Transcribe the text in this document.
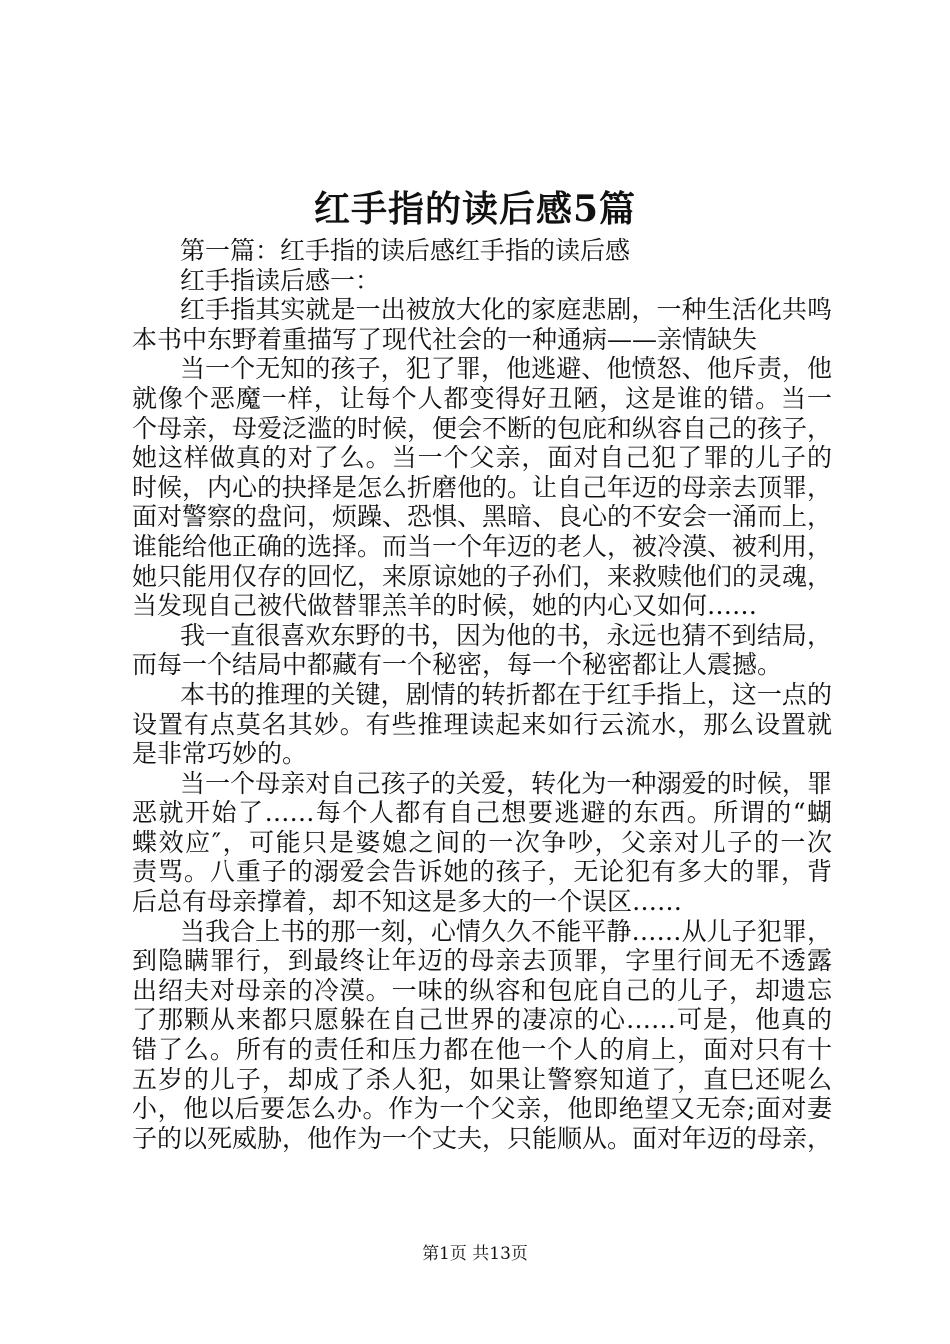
红手指的读后感5篇
第一篇：红手指的读后感红手指的读后感
红手指读后感一：
红手指其实就是一出被放大化的家庭悲剧，一种生活化共鸣
本书中东野着重描写了现代社会的一种通病——亲情缺失
当一个无知的孩子，犯了罪，他逃避、他愤怒、他斥责，他
就像个恶魔一样，让每个人都变得好丑陋，这是谁的错。当一
个母亲，母爱泛滥的时候，便会不断的包庇和纵容自己的孩子，
她这样做真的对了么。当一个父亲，面对自己犯了罪的儿子的
时候，内心的抉择是怎么折磨他的。让自己年迈的母亲去顶罪，
面对警察的盘问，烦躁、恐惧、黑暗、良心的不安会一涌而上，
谁能给他正确的选择。而当一个年迈的老人，被冷漠、被利用，
她只能用仅存的回忆，来原谅她的子孙们，来救赎他们的灵魂，
当发现自己被代做替罪羔羊的时候，她的内心又如何……
我一直很喜欢东野的书，因为他的书，永远也猜不到结局，
而每一个结局中都藏有一个秘密，每一个秘密都让人震撼。
本书的推理的关键，剧情的转折都在于红手指上，这一点的
设置有点莫名其妙。有些推理读起来如行云流水，那么设置就
是非常巧妙的。
当一个母亲对自己孩子的关爱，转化为一种溺爱的时候，罪
恶就开始了……每个人都有自己想要逃避的东西。所谓的“蝴
蝶效应″，可能只是婆媳之间的一次争吵，父亲对儿子的一次
责骂。八重子的溺爱会告诉她的孩子，无论犯有多大的罪，背
后总有母亲撑着，却不知这是多大的一个误区……
当我合上书的那一刻，心情久久不能平静……从儿子犯罪，
到隐瞒罪行，到最终让年迈的母亲去顶罪，字里行间无不透露
出绍夫对母亲的冷漠。一味的纵容和包庇自己的儿子，却遗忘
了那颗从来都只愿躲在自己世界的凄凉的心……可是，他真的
错了么。所有的责任和压力都在他一个人的肩上，面对只有十
五岁的儿子，却成了杀人犯，如果让警察知道了，直巳还呢么
小，他以后要怎么办。作为一个父亲，他即绝望又无奈;面对妻
子的以死威胁，他作为一个丈夫，只能顺从。面对年迈的母亲，
第1页 共13页
